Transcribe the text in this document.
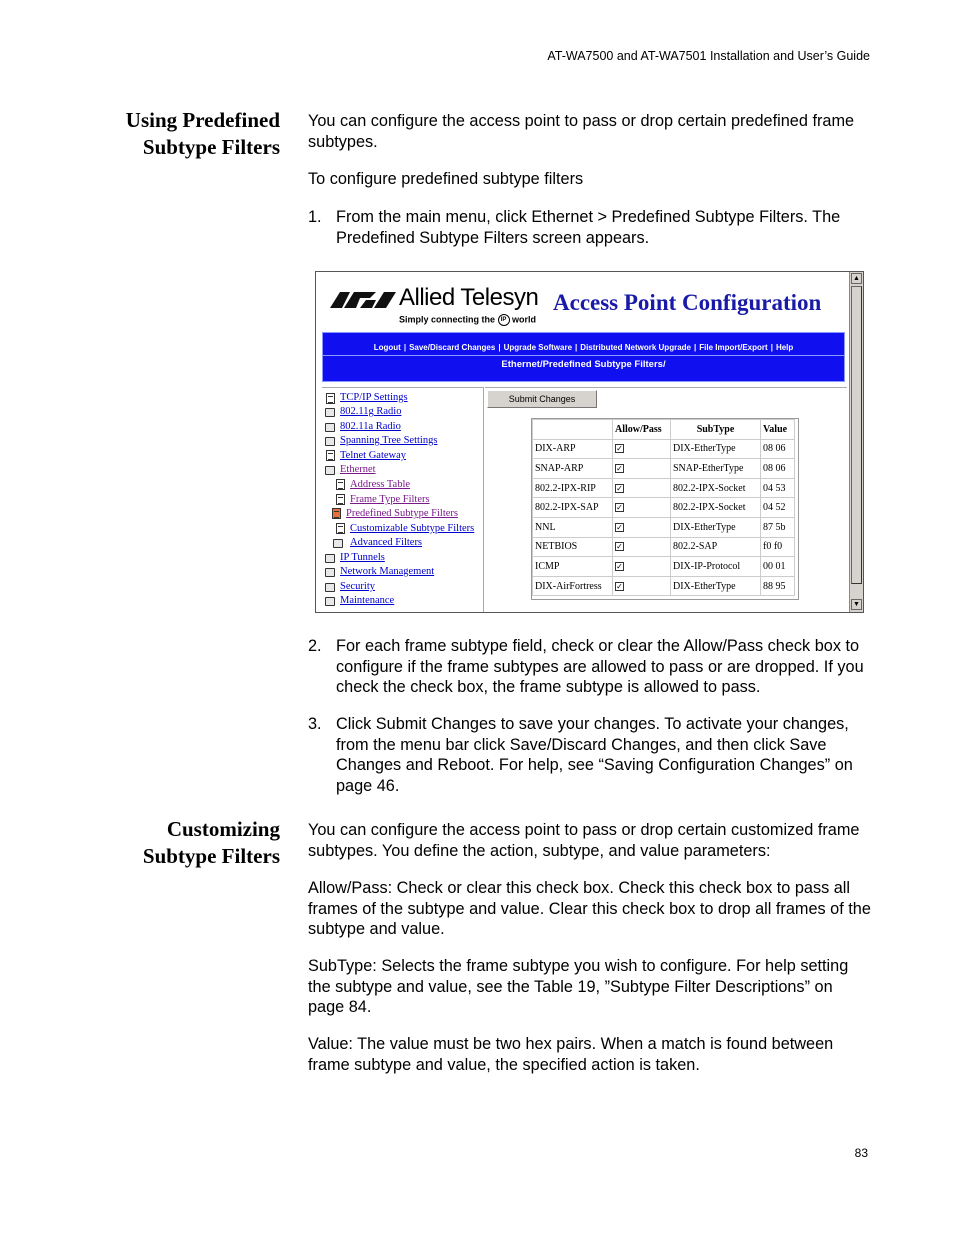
AT-WA7500 and AT-WA7501 Installation and User’s Guide
Using Predefined
Subtype Filters
You can configure the access point to pass or drop certain predefined frame subtypes.
To configure predefined subtype filters
1. From the main menu, click Ethernet > Predefined Subtype Filters. The Predefined Subtype Filters screen appears.
Allied Telesyn
Simply connecting the IP world
Access Point Configuration
Logout | Save/Discard Changes | Upgrade Software | Distributed Network Upgrade | File Import/Export | Help
Ethernet/Predefined Subtype Filters/
TCP/IP Settings
802.11g Radio
802.11a Radio
Spanning Tree Settings
Telnet Gateway
Ethernet
Address Table
Frame Type Filters
Predefined Subtype Filters
Customizable Subtype Filters
Advanced Filters
IP Tunnels
Network Management
Security
Maintenance
Submit Changes
	Allow/Pass	SubType	Value
DIX-ARP	✓	DIX-EtherType	08 06
SNAP-ARP	✓	SNAP-EtherType	08 06
802.2-IPX-RIP	✓	802.2-IPX-Socket	04 53
802.2-IPX-SAP	✓	802.2-IPX-Socket	04 52
NNL	✓	DIX-EtherType	87 5b
NETBIOS	✓	802.2-SAP	f0 f0
ICMP	✓	DIX-IP-Protocol	00 01
DIX-AirFortress	✓	DIX-EtherType	88 95
▲
▼
2. For each frame subtype field, check or clear the Allow/Pass check box to configure if the frame subtypes are allowed to pass or are dropped. If you check the check box, the frame subtype is allowed to pass.
3. Click Submit Changes to save your changes. To activate your changes, from the menu bar click Save/Discard Changes, and then click Save Changes and Reboot. For help, see “Saving Configuration Changes” on page 46.
Customizing
Subtype Filters
You can configure the access point to pass or drop certain customized frame subtypes. You define the action, subtype, and value parameters:
Allow/Pass: Check or clear this check box. Check this check box to pass all frames of the subtype and value. Clear this check box to drop all frames of the subtype and value.
SubType: Selects the frame subtype you wish to configure. For help setting the subtype and value, see the Table 19, ”Subtype Filter Descriptions” on page 84.
Value: The value must be two hex pairs. When a match is found between frame subtype and value, the specified action is taken.
83
